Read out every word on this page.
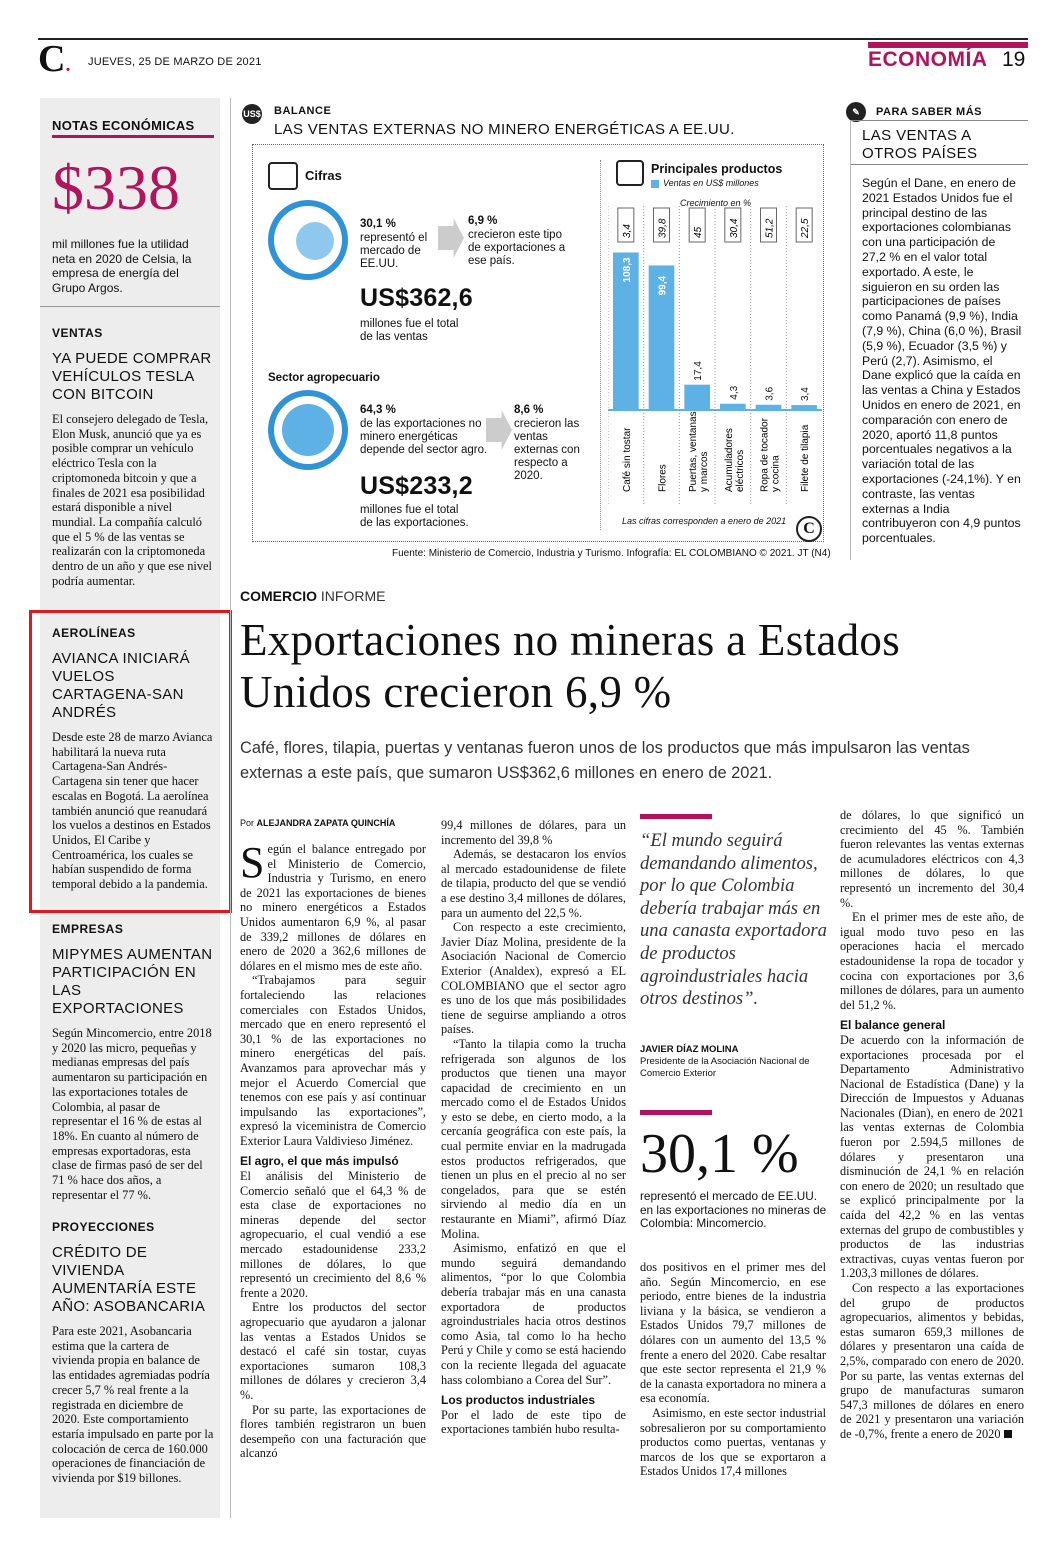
C. JUEVES, 25 DE MARZO DE 2021	ECONOMÍA 19
NOTAS ECONÓMICAS
$338
mil millones fue la utilidad neta en 2020 de Celsia, la empresa de energía del Grupo Argos.
VENTAS
YA PUEDE COMPRAR VEHÍCULOS TESLA CON BITCOIN
El consejero delegado de Tesla, Elon Musk, anunció que ya es posible comprar un vehículo eléctrico Tesla con la criptomoneda bitcoin y que a finales de 2021 esa posibilidad estará disponible a nivel mundial. La compañía calculó que el 5 % de las ventas se realizarán con la criptomoneda dentro de un año y que ese nivel podría aumentar.
AEROLÍNEAS
AVIANCA INICIARÁ VUELOS CARTAGENA-SAN ANDRÉS
Desde este 28 de marzo Avianca habilitará la nueva ruta Cartagena-San Andrés-Cartagena sin tener que hacer escalas en Bogotá. La aerolínea también anunció que reanudará los vuelos a destinos en Estados Unidos, El Caribe y Centroamérica, los cuales se habían suspendido de forma temporal debido a la pandemia.
EMPRESAS
MIPYMES AUMENTAN PARTICIPACIÓN EN LAS EXPORTACIONES
Según Mincomercio, entre 2018 y 2020 las micro, pequeñas y medianas empresas del país aumentaron su participación en las exportaciones totales de Colombia, al pasar de representar el 16 % de estas al 18%. En cuanto al número de empresas exportadoras, esta clase de firmas pasó de ser del 71 % hace dos años, a representar el 77 %.
PROYECCIONES
CRÉDITO DE VIVIENDA AUMENTARÍA ESTE AÑO: ASOBANCARIA
Para este 2021, Asobancaria estima que la cartera de vivienda propia en balance de las entidades agremiadas podría crecer 5,7 % real frente a la registrada en diciembre de 2020. Este comportamiento estaría impulsado en parte por la colocación de cerca de 160.000 operaciones de financiación de vivienda por $19 billones.
US$ BALANCE
LAS VENTAS EXTERNAS NO MINERO ENERGÉTICAS A EE.UU.
Cifras
30,1 %
representó el mercado de EE.UU.
6,9 %
crecieron este tipo de exportaciones a ese país.
US$362,6
millones fue el total de las ventas
Sector agropecuario
64,3 %
de las exportaciones no minero energéticas depende del sector agro.
8,6 %
crecieron las ventas externas con respecto a 2020.
US$233,2
millones fue el total de las exportaciones.
Principales productos
Ventas en US$ millones
Crecimiento en %
3,4
108,3
Café sin tostar
39,8
99,4
Flores
45
17,4
Puertas, ventanas y marcos
30,4
4,3
Acumuladores eléctricos
51,2
3,6
Ropa de tocador y cocina
22,5
3,4
Filete de tilapia
Las cifras corresponden a enero de 2021	C
Fuente: Ministerio de Comercio, Industria y Turismo. Infografía: EL COLOMBIANO © 2021. JT (N4)
✎	PARA SABER MÁS
LAS VENTAS A OTROS PAÍSES
Según el Dane, en enero de 2021 Estados Unidos fue el principal destino de las exportaciones colombianas con una participación de 27,2 % en el valor total exportado. A este, le siguieron en su orden las participaciones de países como Panamá (9,9 %), India (7,9 %), China (6,0 %), Brasil (5,9 %), Ecuador (3,5 %) y Perú (2,7). Asimismo, el Dane explicó que la caída en las ventas a China y Estados Unidos en enero de 2021, en comparación con enero de 2020, aportó 11,8 puntos porcentuales negativos a la variación total de las exportaciones (-24,1%). Y en contraste, las ventas externas a India contribuyeron con 4,9 puntos porcentuales.
COMERCIO INFORME
Exportaciones no mineras a Estados Unidos crecieron 6,9 %
Café, flores, tilapia, puertas y ventanas fueron unos de los productos que más impulsaron las ventas externas a este país, que sumaron US$362,6 millones en enero de 2021.
Por ALEJANDRA ZAPATA QUINCHÍA

Según el balance entregado por el Ministerio de Comercio, Industria y Turismo, en enero de 2021 las exportaciones de bienes no minero energéticos a Estados Unidos aumentaron 6,9 %, al pasar de 339,2 millones de dólares en enero de 2020 a 362,6 millones de dólares en el mismo mes de este año.

“Trabajamos para seguir fortaleciendo las relaciones comerciales con Estados Unidos, mercado que en enero representó el 30,1 % de las exportaciones no minero energéticas del país. Avanzamos para aprovechar más y mejor el Acuerdo Comercial que tenemos con ese país y así continuar impulsando las exportaciones”, expresó la viceministra de Comercio Exterior Laura Valdivieso Jiménez.

El agro, el que más impulsó

El análisis del Ministerio de Comercio señaló que el 64,3 % de esta clase de exportaciones no mineras depende del sector agropecuario, el cual vendió a ese mercado estadounidense 233,2 millones de dólares, lo que representó un crecimiento del 8,6 % frente a 2020.

Entre los productos del sector agropecuario que ayudaron a jalonar las ventas a Estados Unidos se destacó el café sin tostar, cuyas exportaciones sumaron 108,3 millones de dólares y crecieron 3,4 %.

Por su parte, las exportaciones de flores también registraron un buen desempeño con una facturación que alcanzó

99,4 millones de dólares, para un incremento del 39,8 %

Además, se destacaron los envíos al mercado estadounidense de filete de tilapia, producto del que se vendió a ese destino 3,4 millones de dólares, para un aumento del 22,5 %.

Con respecto a este crecimiento, Javier Díaz Molina, presidente de la Asociación Nacional de Comercio Exterior (Analdex), expresó a EL COLOMBIANO que el sector agro es uno de los que más posibilidades tiene de seguirse ampliando a otros países.

“Tanto la tilapia como la trucha refrigerada son algunos de los productos que tienen una mayor capacidad de crecimiento en un mercado como el de Estados Unidos y esto se debe, en cierto modo, a la cercanía geográfica con este país, la cual permite enviar en la madrugada estos productos refrigerados, que tienen un plus en el precio al no ser congelados, para que se estén sirviendo al medio día en un restaurante en Miami”, afirmó Díaz Molina.

Asimismo, enfatizó en que el mundo seguirá demandando alimentos, “por lo que Colombia debería trabajar más en una canasta exportadora de productos agroindustriales hacia otros destinos como Asia, tal como lo ha hecho Perú y Chile y como se está haciendo con la reciente llegada del aguacate hass colombiano a Corea del Sur”.

Los productos industriales

Por el lado de este tipo de exportaciones también hubo resulta-

“El mundo seguirá demandando alimentos, por lo que Colombia debería trabajar más en una canasta exportadora de productos agroindustriales hacia otros destinos”.
JAVIER DÍAZ MOLINA
Presidente de la Asociación Nacional de Comercio Exterior
30,1 %
representó el mercado de EE.UU. en las exportaciones no mineras de Colombia: Mincomercio.

dos positivos en el primer mes del año. Según Mincomercio, en ese periodo, entre bienes de la industria liviana y la básica, se vendieron a Estados Unidos 79,7 millones de dólares con un aumento del 13,5 % frente a enero del 2020. Cabe resaltar que este sector representa el 21,9 % de la canasta exportadora no minera a esa economía.

Asimismo, en este sector industrial sobresalieron por su comportamiento productos como puertas, ventanas y marcos de los que se exportaron a Estados Unidos 17,4 millones

de dólares, lo que significó un crecimiento del 45 %. También fueron relevantes las ventas externas de acumuladores eléctricos con 4,3 millones de dólares, lo que representó un incremento del 30,4 %.

En el primer mes de este año, de igual modo tuvo peso en las operaciones hacia el mercado estadounidense la ropa de tocador y cocina con exportaciones por 3,6 millones de dólares, para un aumento del 51,2 %.

El balance general

De acuerdo con la información de exportaciones procesada por el Departamento Administrativo Nacional de Estadística (Dane) y la Dirección de Impuestos y Aduanas Nacionales (Dian), en enero de 2021 las ventas externas de Colombia fueron por 2.594,5 millones de dólares y presentaron una disminución de 24,1 % en relación con enero de 2020; un resultado que se explicó principalmente por la caída del 42,2 % en las ventas externas del grupo de combustibles y productos de las industrias extractivas, cuyas ventas fueron por 1.203,3 millones de dólares.

Con respecto a las exportaciones del grupo de productos agropecuarios, alimentos y bebidas, estas sumaron 659,3 millones de dólares y presentaron una caída de 2,5%, comparado con enero de 2020. Por su parte, las ventas externas del grupo de manufacturas sumaron 547,3 millones de dólares en enero de 2021 y presentaron una variación de -0,7%, frente a enero de 2020
